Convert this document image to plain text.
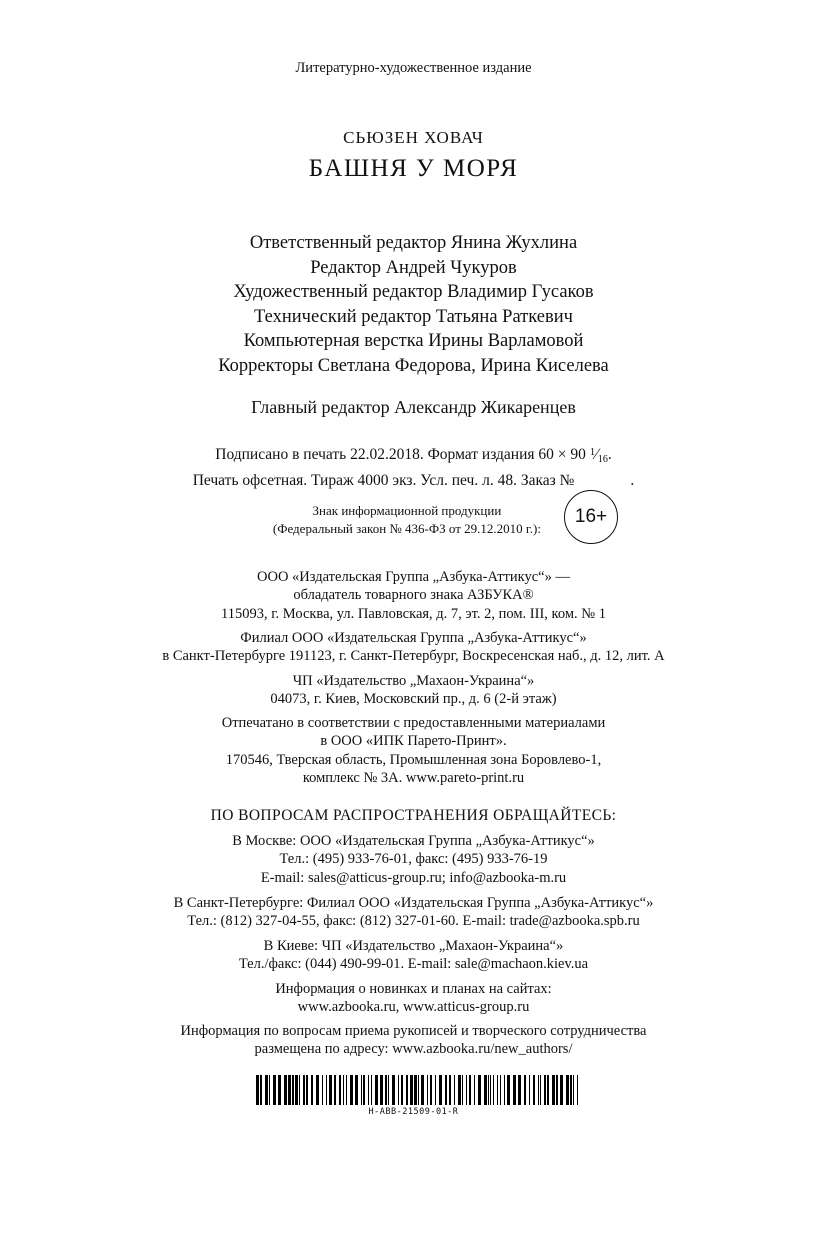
Литературно-художественное издание
СЬЮЗЕН ХОВАЧ
БАШНЯ У МОРЯ
Ответственный редактор Янина Жухлина
Редактор Андрей Чукуров
Художественный редактор Владимир Гусаков
Технический редактор Татьяна Раткевич
Компьютерная верстка Ирины Варламовой
Корректоры Светлана Федорова, Ирина Киселева
Главный редактор Александр Жикаренцев
Подписано в печать 22.02.2018. Формат издания 60 × 90 $^1$⁄16.
Печать офсетная. Тираж 4000 экз. Усл. печ. л. 48. Заказ №	.
Знак информационной продукции
(Федеральный закон № 436-ФЗ от 29.12.2010 г.):
16+
ООО «Издательская Группа „Азбука-Аттикус“» —
обладатель товарного знака АЗБУКА®
115093, г. Москва, ул. Павловская, д. 7, эт. 2, пом. III, ком. № 1
Филиал ООО «Издательская Группа „Азбука-Аттикус“»
в Санкт-Петербурге 191123, г. Санкт-Петербург, Воскресенская наб., д. 12, лит. А
ЧП «Издательство „Махаон-Украина“»
04073, г. Киев, Московский пр., д. 6 (2-й этаж)
Отпечатано в соответствии с предоставленными материалами
в ООО «ИПК Парето-Принт».
170546, Тверская область, Промышленная зона Боровлево-1,
комплекс № 3А. www.pareto-print.ru
ПО ВОПРОСАМ РАСПРОСТРАНЕНИЯ ОБРАЩАЙТЕСЬ:
В Москве: ООО «Издательская Группа „Азбука-Аттикус“»
Тел.: (495) 933-76-01, факс: (495) 933-76-19
E-mail: sales@atticus-group.ru; info@azbooka-m.ru
В Санкт-Петербурге: Филиал ООО «Издательская Группа „Азбука-Аттикус“»
Тел.: (812) 327-04-55, факс: (812) 327-01-60. E-mail: trade@azbooka.spb.ru
В Киеве: ЧП «Издательство „Махаон-Украина“»
Тел./факс: (044) 490-99-01. E-mail: sale@machaon.kiev.ua
Информация о новинках и планах на сайтах:
www.azbooka.ru, www.atticus-group.ru
Информация по вопросам приема рукописей и творческого сотрудничества
размещена по адресу: www.azbooka.ru/new_authors/
H-ABB-21509-01-R
